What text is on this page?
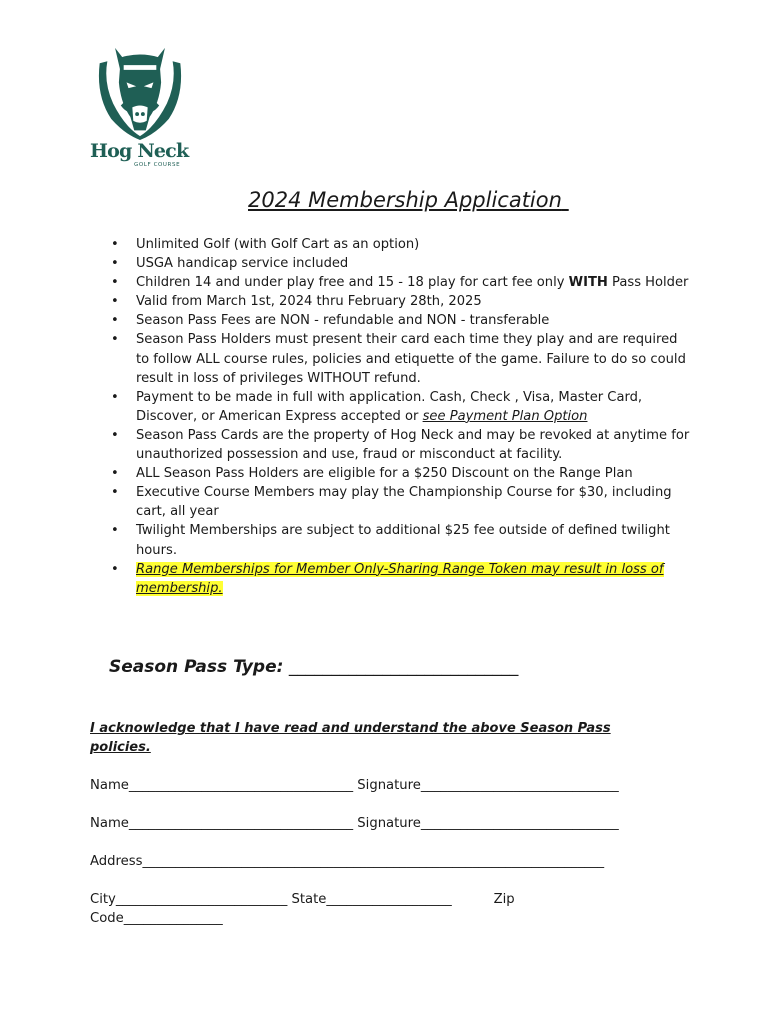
Hog Neck
GOLF COURSE
2024 Membership Application
• Unlimited Golf (with Golf Cart as an option)
• USGA handicap service included
• Children 14 and under play free and 15 - 18 play for cart fee only WITH Pass Holder
• Valid from March 1st, 2024 thru February 28th, 2025
• Season Pass Fees are NON - refundable and NON - transferable
• Season Pass Holders must present their card each time they play and are required to follow ALL course rules, policies and etiquette of the game. Failure to do so could result in loss of privileges WITHOUT refund.
• Payment to be made in full with application. Cash, Check , Visa, Master Card, Discover, or American Express accepted or see Payment Plan Option
• Season Pass Cards are the property of Hog Neck and may be revoked at anytime for unauthorized possession and use, fraud or misconduct at facility.
• ALL Season Pass Holders are eligible for a $250 Discount on the Range Plan
• Executive Course Members may play the Championship Course for $30, including cart, all year
• Twilight Memberships are subject to additional $25 fee outside of defined twilight hours.
• Range Memberships for Member Only-Sharing Range Token may result in loss of membership.
Season Pass Type: ___________________________
I acknowledge that I have read and understand the above Season Pass policies.
Name__________________________________ Signature______________________________
Name__________________________________ Signature______________________________
Address______________________________________________________________________
City__________________________ State___________________          Zip
Code_______________
